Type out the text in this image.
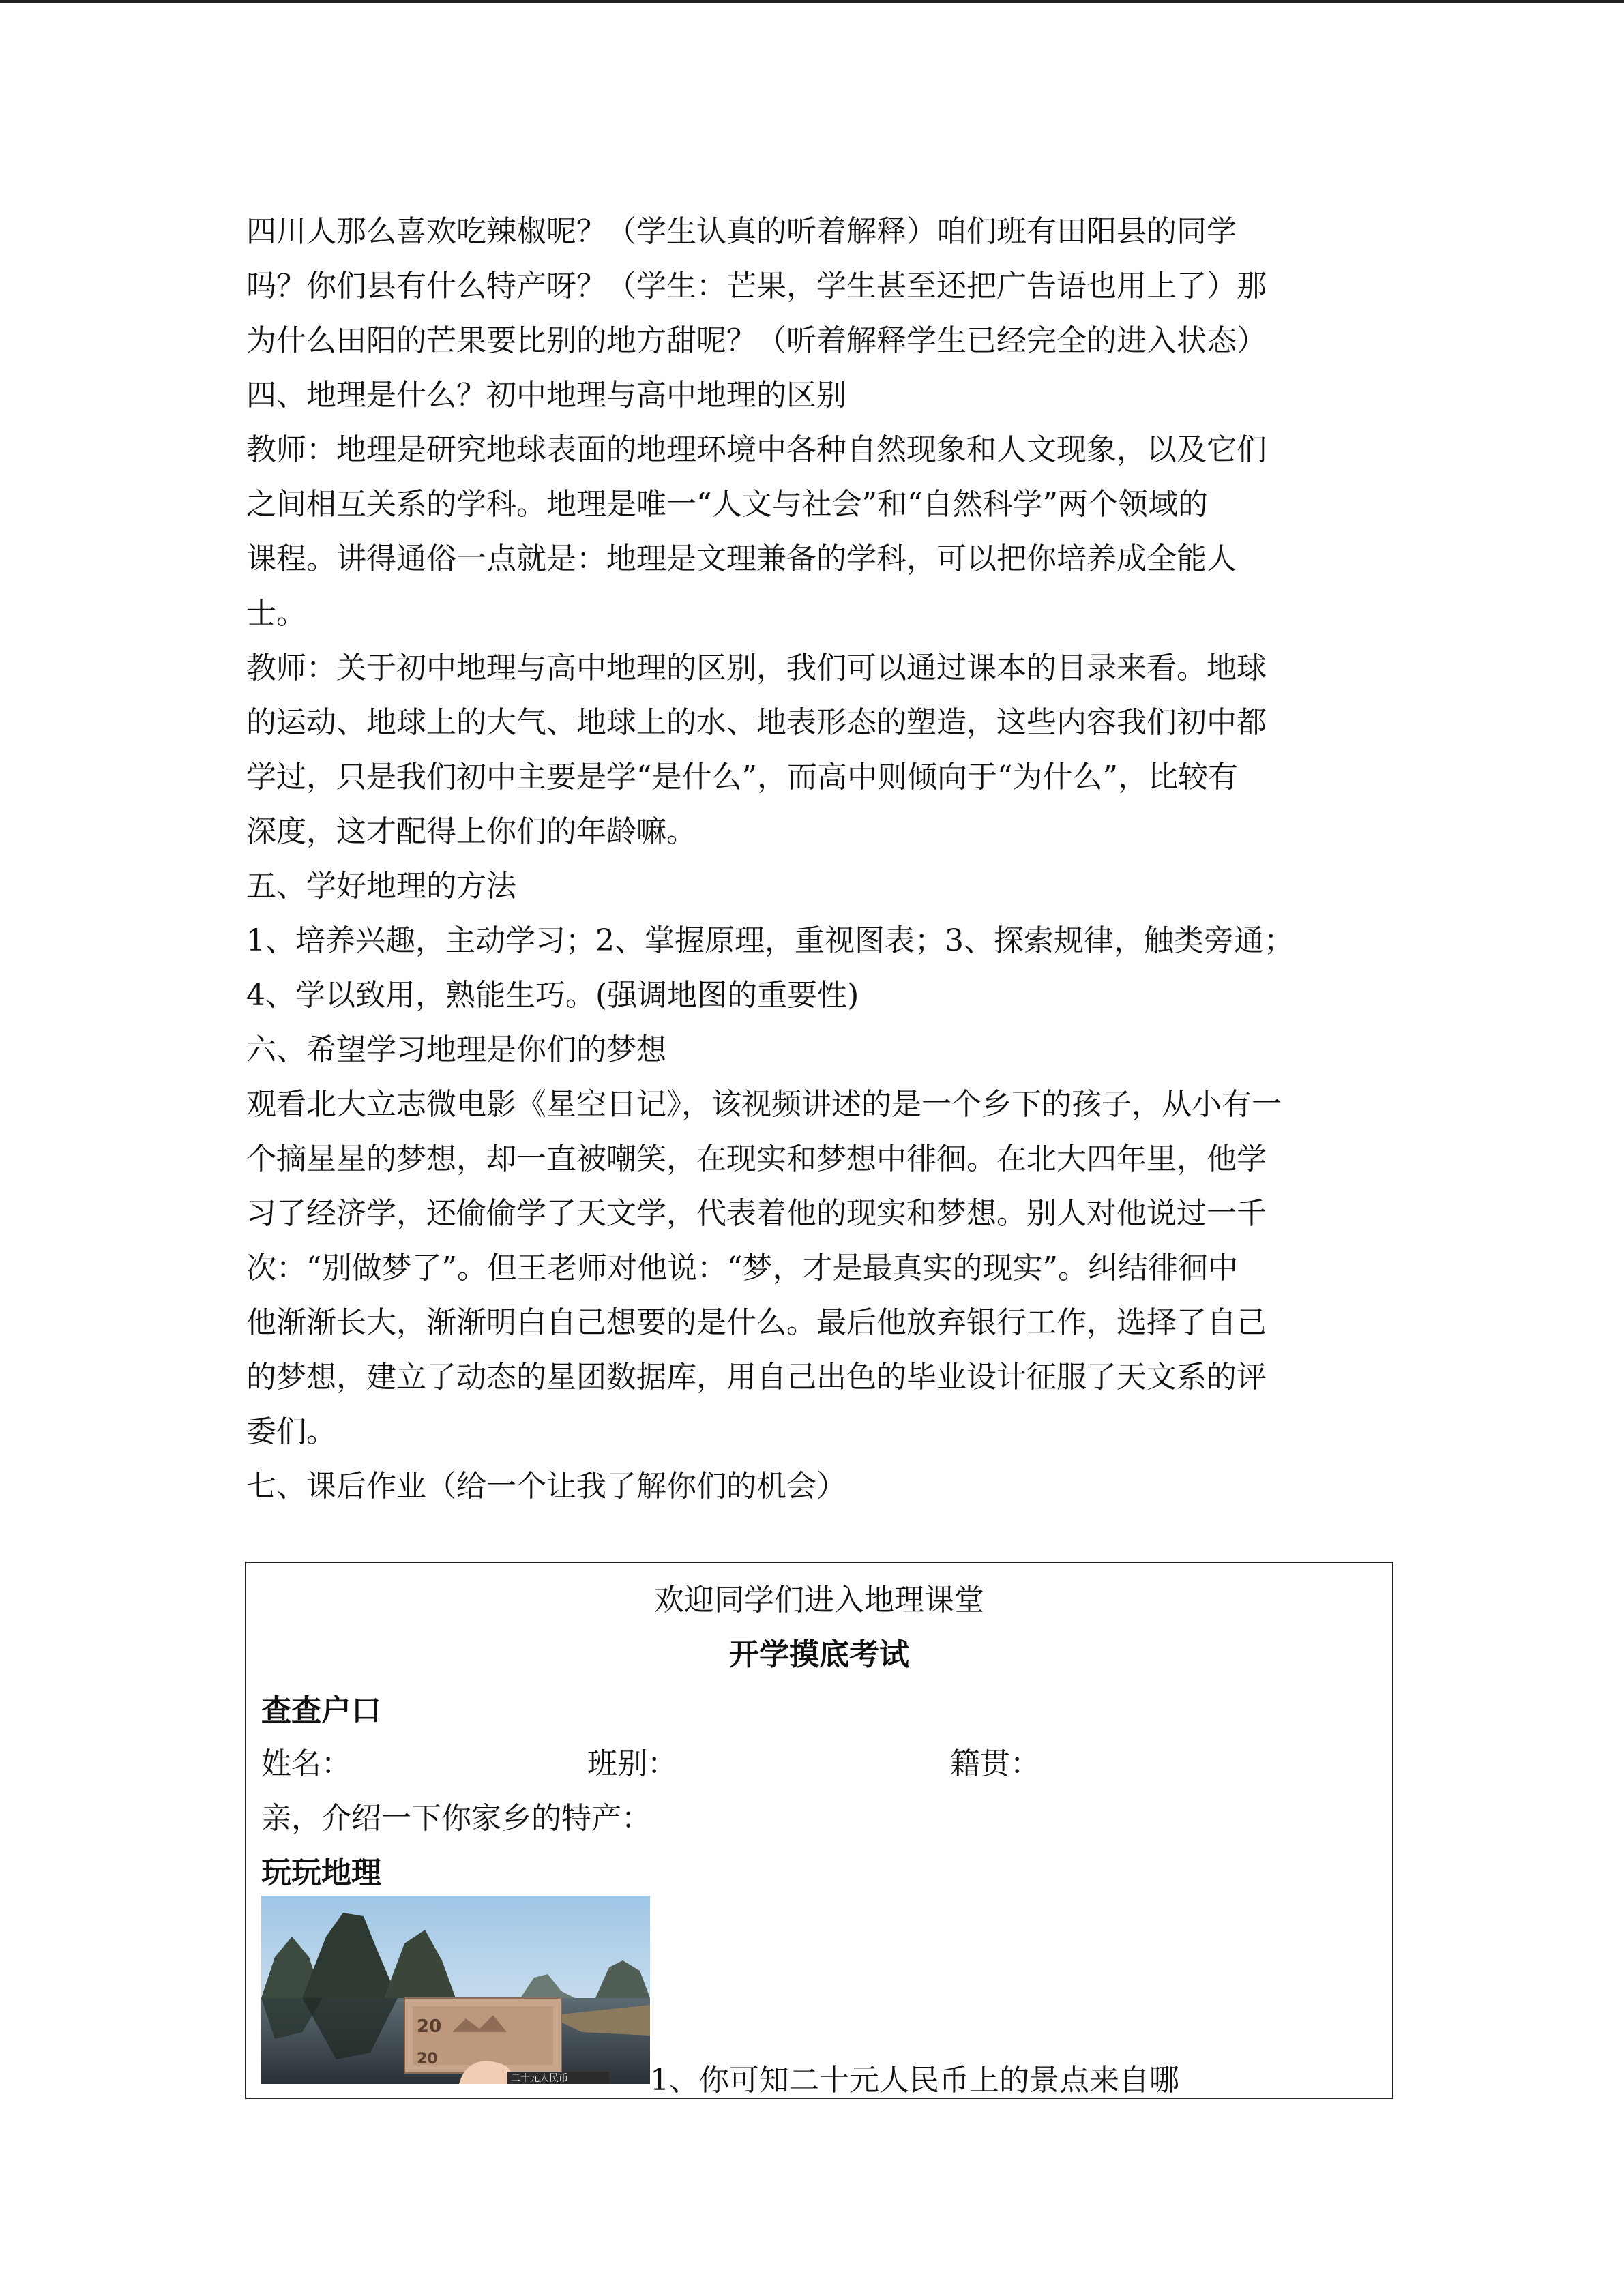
四川人那么喜欢吃辣椒呢？（学生认真的听着解释）咱们班有田阳县的同学
吗？你们县有什么特产呀？（学生：芒果，学生甚至还把广告语也用上了）那
为什么田阳的芒果要比别的地方甜呢？（听着解释学生已经完全的进入状态）
四、地理是什么？初中地理与高中地理的区别
教师：地理是研究地球表面的地理环境中各种自然现象和人文现象，以及它们
之间相互关系的学科。地理是唯一“人文与社会”和“自然科学”两个领域的
课程。讲得通俗一点就是：地理是文理兼备的学科，可以把你培养成全能人
士。
教师：关于初中地理与高中地理的区别，我们可以通过课本的目录来看。地球
的运动、地球上的大气、地球上的水、地表形态的塑造，这些内容我们初中都
学过，只是我们初中主要是学“是什么”，而高中则倾向于“为什么”，比较有
深度，这才配得上你们的年龄嘛。
五、学好地理的方法
1、培养兴趣，主动学习；2、掌握原理，重视图表；3、探索规律，触类旁通；
4、学以致用，熟能生巧。(强调地图的重要性)
六、希望学习地理是你们的梦想
观看北大立志微电影《星空日记》，该视频讲述的是一个乡下的孩子，从小有一
个摘星星的梦想，却一直被嘲笑，在现实和梦想中徘徊。在北大四年里，他学
习了经济学，还偷偷学了天文学，代表着他的现实和梦想。别人对他说过一千
次：“别做梦了”。但王老师对他说：“梦，才是最真实的现实”。纠结徘徊中
他渐渐长大，渐渐明白自己想要的是什么。最后他放弃银行工作，选择了自己
的梦想，建立了动态的星团数据库，用自己出色的毕业设计征服了天文系的评
委们。
七、课后作业（给一个让我了解你们的机会）
欢迎同学们进入地理课堂
开学摸底考试
查查户口
姓名：	班别：	籍贯：
亲，介绍一下你家乡的特产：
玩玩地理
20
20
二十元人民币	1、你可知二十元人民币上的景点来自哪
